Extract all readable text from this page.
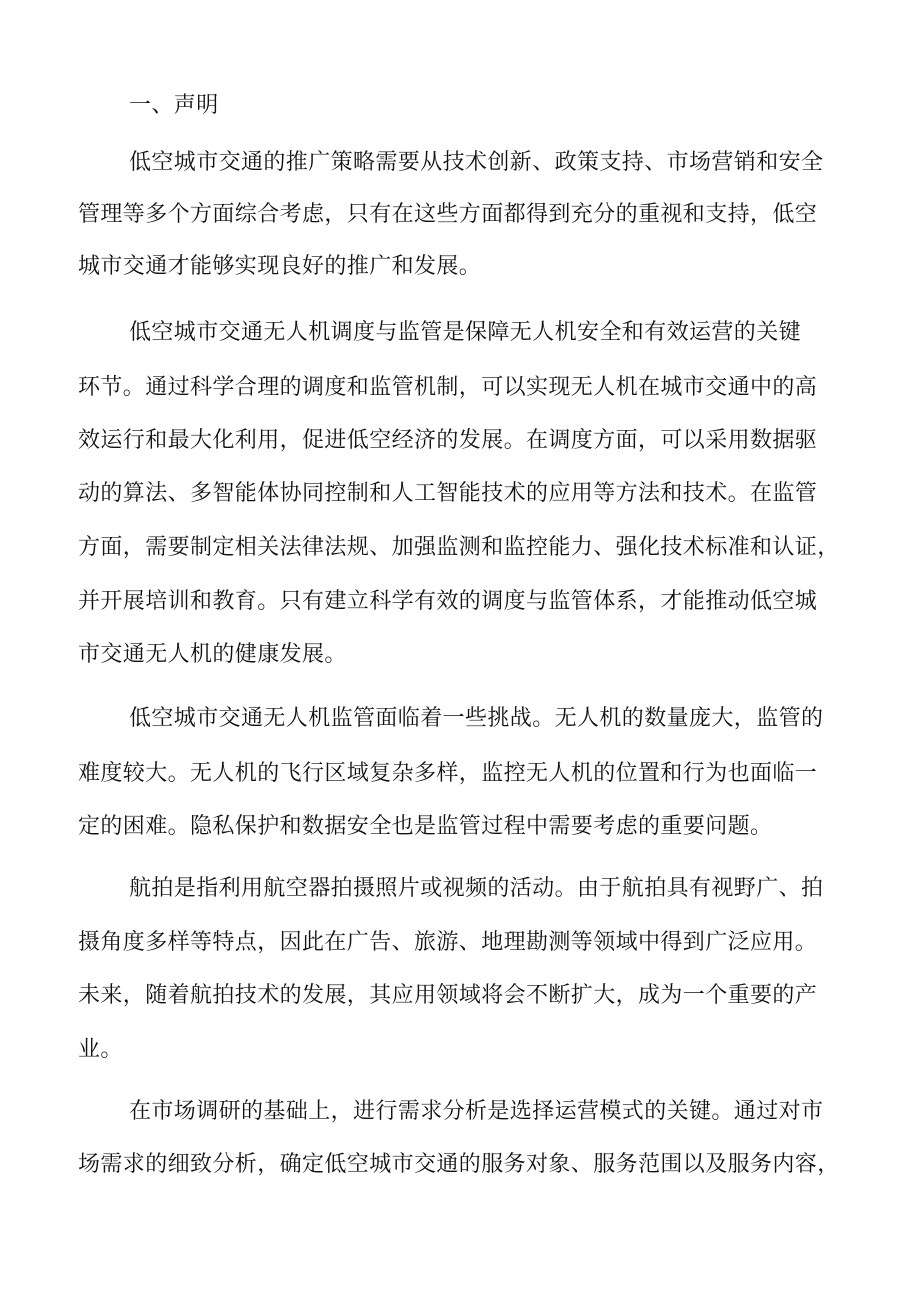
一、声明
低空城市交通的推广策略需要从技术创新、政策支持、市场营销和安全
管理等多个方面综合考虑，只有在这些方面都得到充分的重视和支持，低空
城市交通才能够实现良好的推广和发展。
低空城市交通无人机调度与监管是保障无人机安全和有效运营的关键
环节。通过科学合理的调度和监管机制，可以实现无人机在城市交通中的高
效运行和最大化利用，促进低空经济的发展。在调度方面，可以采用数据驱
动的算法、多智能体协同控制和人工智能技术的应用等方法和技术。在监管
方面，需要制定相关法律法规、加强监测和监控能力、强化技术标准和认证，
并开展培训和教育。只有建立科学有效的调度与监管体系，才能推动低空城
市交通无人机的健康发展。
低空城市交通无人机监管面临着一些挑战。无人机的数量庞大，监管的
难度较大。无人机的飞行区域复杂多样，监控无人机的位置和行为也面临一
定的困难。隐私保护和数据安全也是监管过程中需要考虑的重要问题。
航拍是指利用航空器拍摄照片或视频的活动。由于航拍具有视野广、拍
摄角度多样等特点，因此在广告、旅游、地理勘测等领域中得到广泛应用。
未来，随着航拍技术的发展，其应用领域将会不断扩大，成为一个重要的产
业。
在市场调研的基础上，进行需求分析是选择运营模式的关键。通过对市
场需求的细致分析，确定低空城市交通的服务对象、服务范围以及服务内容，
